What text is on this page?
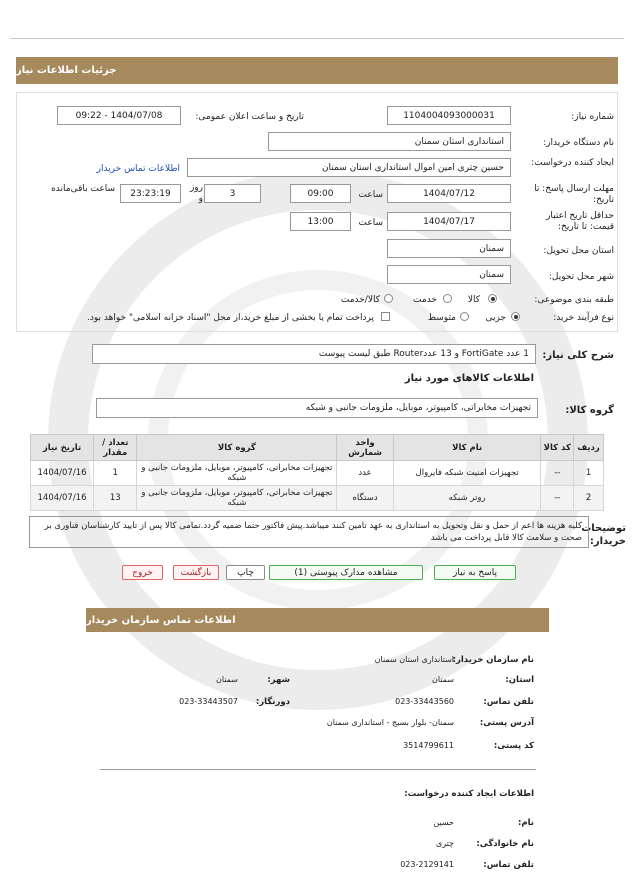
جزئیات اطلاعات نیاز
شماره نیاز:
1104004093000031
تاریخ و ساعت اعلان عمومی:
1404/07/08 - 09:22
نام دستگاه خریدار:
استانداری استان سمنان
ایجاد کننده درخواست:
حسین چتری امین اموال استانداری استان سمنان
اطلاعات تماس خریدار
مهلت ارسال پاسخ: تا تاریخ:
1404/07/12
ساعت
09:00
3
روز و
23:23:19
ساعت باقی‌مانده
حداقل تاریخ اعتبار قیمت: تا تاریخ:
1404/07/17
ساعت
13:00
استان محل تحویل:
سمنان
شهر محل تحویل:
سمنان
طبقه بندی موضوعی:
کالا
خدمت
کالا/خدمت
نوع فرآیند خرید:
جزیی
متوسط
پرداخت تمام یا بخشی از مبلغ خرید،از محل "اسناد خزانه اسلامی" خواهد بود.
شرح کلی نیاز:
1 عدد FortiGate و 13 عددRouter طبق لیست پیوست
اطلاعات کالاهای مورد نیاز
گروه کالا:
تجهیزات مخابراتی، کامپیوتر، موبایل، ملزومات جانبی و شبکه
ردیف	کد کالا	نام کالا	واحد شمارش	گروه کالا	تعداد / مقدار	تاریخ نیاز
1	--	تجهیزات امنیت شبکه فایروال	عدد	تجهیزات مخابراتی، کامپیوتر، موبایل، ملزومات جانبی و شبکه	1	1404/07/16
2	--	روتر شبکه	دستگاه	تجهیزات مخابراتی، کامپیوتر، موبایل، ملزومات جانبی و شبکه	13	1404/07/16
توضیحات خریدار:
کلیه هزینه ها اعم از حمل و نقل وتحویل به استانداری به عهد تامین کنند میباشد.پیش فاکتور حتما ضمیه گردد.تمامی کالا پس از تایید کارشناسان فناوری بر صحت و سلامت کالا قابل پرداخت می باشد
پاسخ به نیاز
مشاهده مدارک پیوستی (1)
چاپ
بازگشت
خروج
اطلاعات تماس سازمان خریدار
نام سازمان خریدار:
استانداری استان سمنان
استان:
سمنان
شهر:
سمنان
تلفن تماس:
023-33443560
دورنگار:
023-33443507
آدرس پستی:
سمنان- بلوار بسیج - استانداری سمنان
کد پستی:
3514799611
اطلاعات ایجاد کننده درخواست:
نام:
حسین
نام خانوادگی:
چتری
تلفن تماس:
023-2129141
